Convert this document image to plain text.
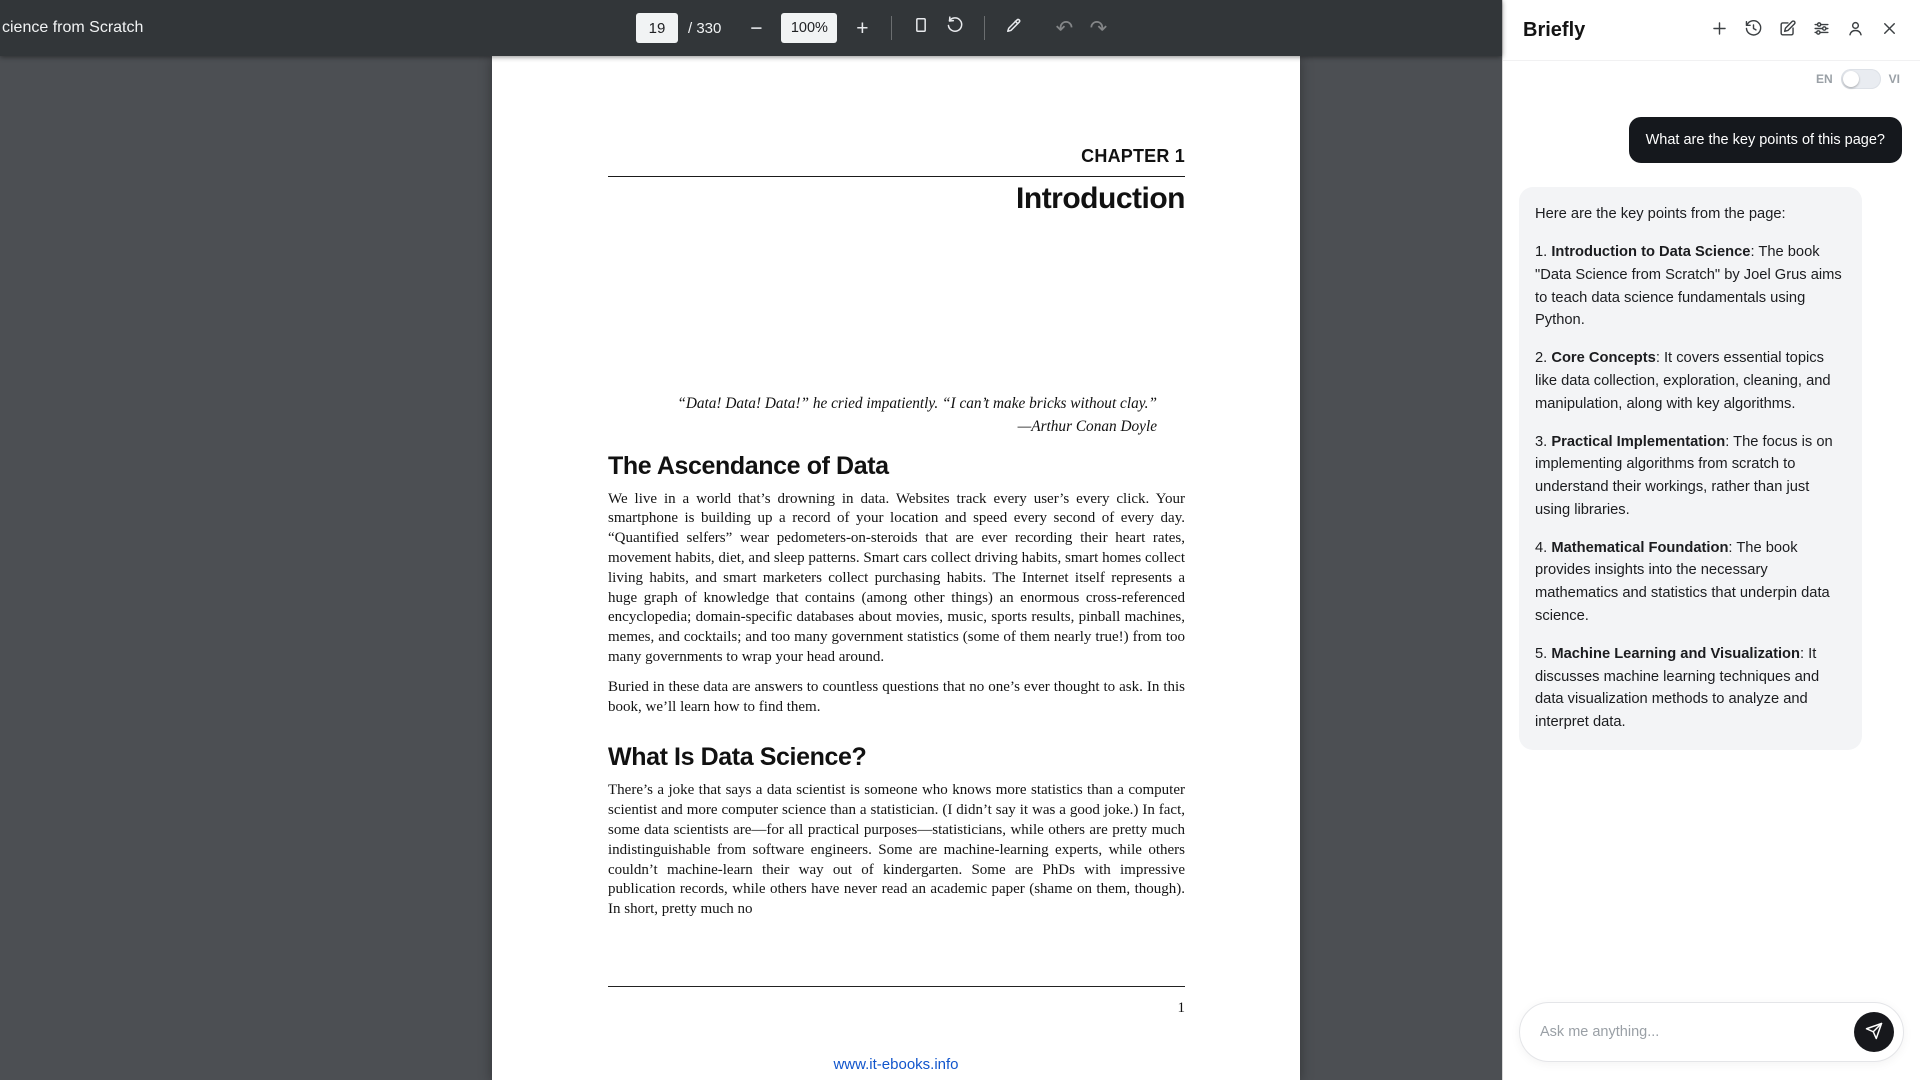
cience from Scratch
19	/ 330	−	100%	+	↶ ↷
CHAPTER 1
Introduction
“Data! Data! Data!” he cried impatiently. “I can’t make bricks without clay.”
—Arthur Conan Doyle
The Ascendance of Data

We live in a world that’s drowning in data. Websites track every user’s every click. Your smartphone is building up a record of your location and speed every second of every day. “Quantified selfers” wear pedometers-on-steroids that are ever recording their heart rates, movement habits, diet, and sleep patterns. Smart cars collect driving habits, smart homes collect living habits, and smart marketers collect purchasing habits. The Internet itself represents a huge graph of knowledge that contains (among other things) an enormous cross-referenced encyclopedia; domain-specific databases about movies, music, sports results, pinball machines, memes, and cocktails; and too many government statistics (some of them nearly true!) from too many governments to wrap your head around.

Buried in these data are answers to countless questions that no one’s ever thought to ask. In this book, we’ll learn how to find them.

What Is Data Science?

There’s a joke that says a data scientist is someone who knows more statistics than a computer scientist and more computer science than a statistician. (I didn’t say it was a good joke.) In fact, some data scientists are—for all practical purposes—statisticians, while others are pretty much indistinguishable from software engineers. Some are machine-learning experts, while others couldn’t machine-learn their way out of kindergarten. Some are PhDs with impressive publication records, while others have never read an academic paper (shame on them, though). In short, pretty much no

1
www.it-ebooks.info
Briefly
EN	VI
What are the key points of this page?

Here are the key points from the page:

1. Introduction to Data Science: The book "Data Science from Scratch" by Joel Grus aims to teach data science fundamentals using Python.

2. Core Concepts: It covers essential topics like data collection, exploration, cleaning, and manipulation, along with key algorithms.

3. Practical Implementation: The focus is on implementing algorithms from scratch to understand their workings, rather than just using libraries.

4. Mathematical Foundation: The book provides insights into the necessary mathematics and statistics that underpin data science.

5. Machine Learning and Visualization: It discusses machine learning techniques and data visualization methods to analyze and interpret data.

Ask me anything...
